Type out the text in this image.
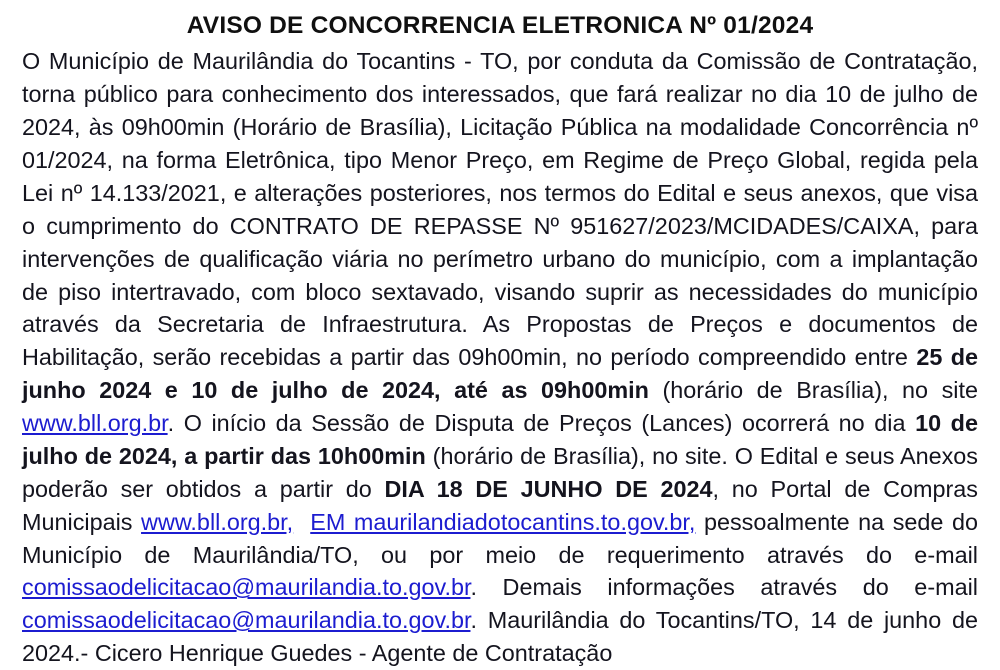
AVISO DE CONCORRENCIA ELETRONICA Nº 01/2024
O Município de Maurilândia do Tocantins - TO, por conduta da Comissão de Contratação, torna público para conhecimento dos interessados, que fará realizar no dia 10 de julho de 2024, às 09h00min (Horário de Brasília), Licitação Pública na modalidade Concorrência nº 01/2024, na forma Eletrônica, tipo Menor Preço, em Regime de Preço Global, regida pela Lei nº 14.133/2021, e alterações posteriores, nos termos do Edital e seus anexos, que visa o cumprimento do CONTRATO DE REPASSE Nº 951627/2023/MCIDADES/CAIXA, para intervenções de qualificação viária no perímetro urbano do município, com a implantação de piso intertravado, com bloco sextavado, visando suprir as necessidades do município através da Secretaria de Infraestrutura. As Propostas de Preços e documentos de Habilitação, serão recebidas a partir das 09h00min, no período compreendido entre 25 de junho 2024 e 10 de julho de 2024, até as 09h00min (horário de Brasília), no site www.bll.org.br. O início da Sessão de Disputa de Preços (Lances) ocorrerá no dia 10 de julho de 2024, a partir das 10h00min (horário de Brasília), no site. O Edital e seus Anexos poderão ser obtidos a partir do DIA 18 DE JUNHO DE 2024, no Portal de Compras Municipais www.bll.org.br, EM maurilandiadotocantins.to.gov.br, pessoalmente na sede do Município de Maurilândia/TO, ou por meio de requerimento através do e-mail comissaodelicitacao@maurilandia.to.gov.br. Demais informações através do e-mail comissaodelicitacao@maurilandia.to.gov.br. Maurilândia do Tocantins/TO, 14 de junho de 2024.- Cicero Henrique Guedes - Agente de Contratação
